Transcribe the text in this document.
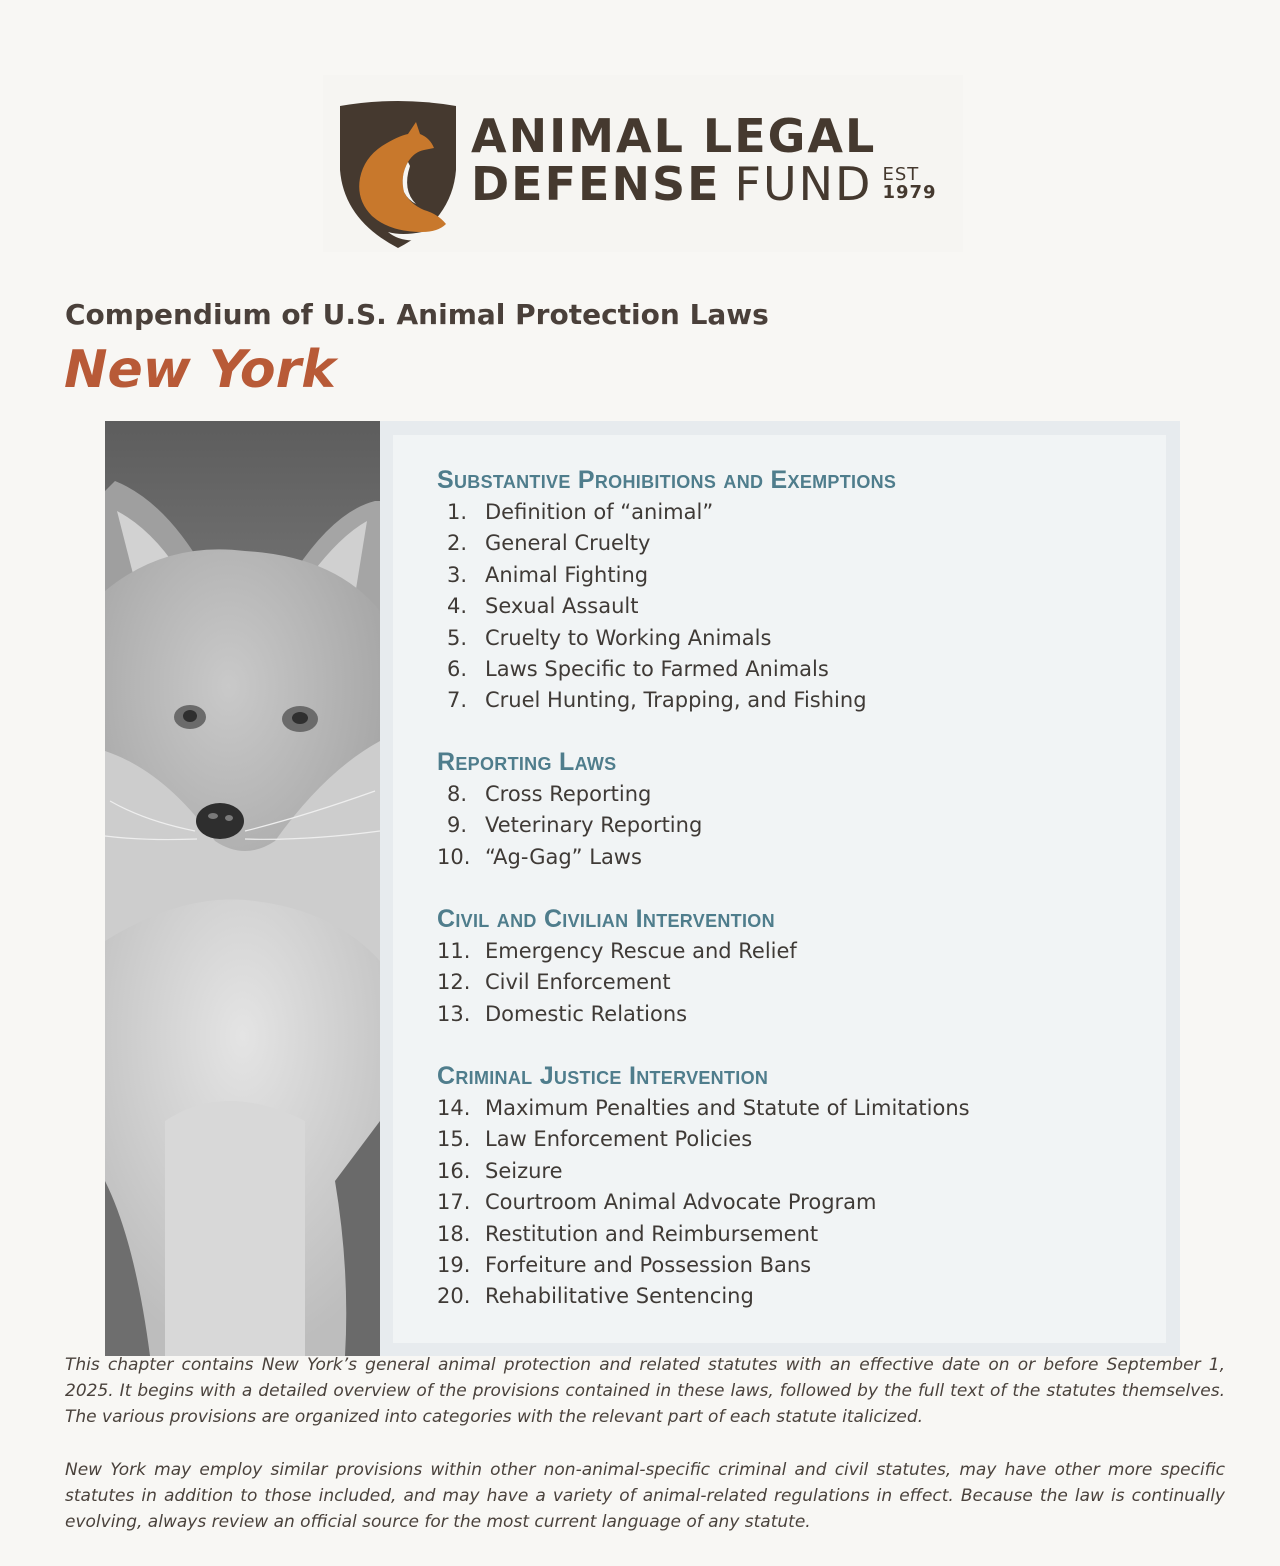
ANIMAL LEGAL
DEFENSE FUND EST
1979
Compendium of U.S. Animal Protection Laws
New York
Substantive Prohibitions and Exemptions
1. Definition of “animal”
2. General Cruelty
3. Animal Fighting
4. Sexual Assault
5. Cruelty to Working Animals
6. Laws Specific to Farmed Animals
7. Cruel Hunting, Trapping, and Fishing
Reporting Laws
8. Cross Reporting
9. Veterinary Reporting
10. “Ag-Gag” Laws
Civil and Civilian Intervention
11. Emergency Rescue and Relief
12. Civil Enforcement
13. Domestic Relations
Criminal Justice Intervention
14. Maximum Penalties and Statute of Limitations
15. Law Enforcement Policies
16. Seizure
17. Courtroom Animal Advocate Program
18. Restitution and Reimbursement
19. Forfeiture and Possession Bans
20. Rehabilitative Sentencing

This chapter contains New York’s general animal protection and related statutes with an effective date on or before September 1, 2025. It begins with a detailed overview of the provisions contained in these laws, followed by the full text of the statutes themselves. The various provisions are organized into categories with the relevant part of each statute italicized.

New York may employ similar provisions within other non-animal-specific criminal and civil statutes, may have other more specific statutes in addition to those included, and may have a variety of animal-related regulations in effect. Because the law is continually evolving, always review an official source for the most current language of any statute.
